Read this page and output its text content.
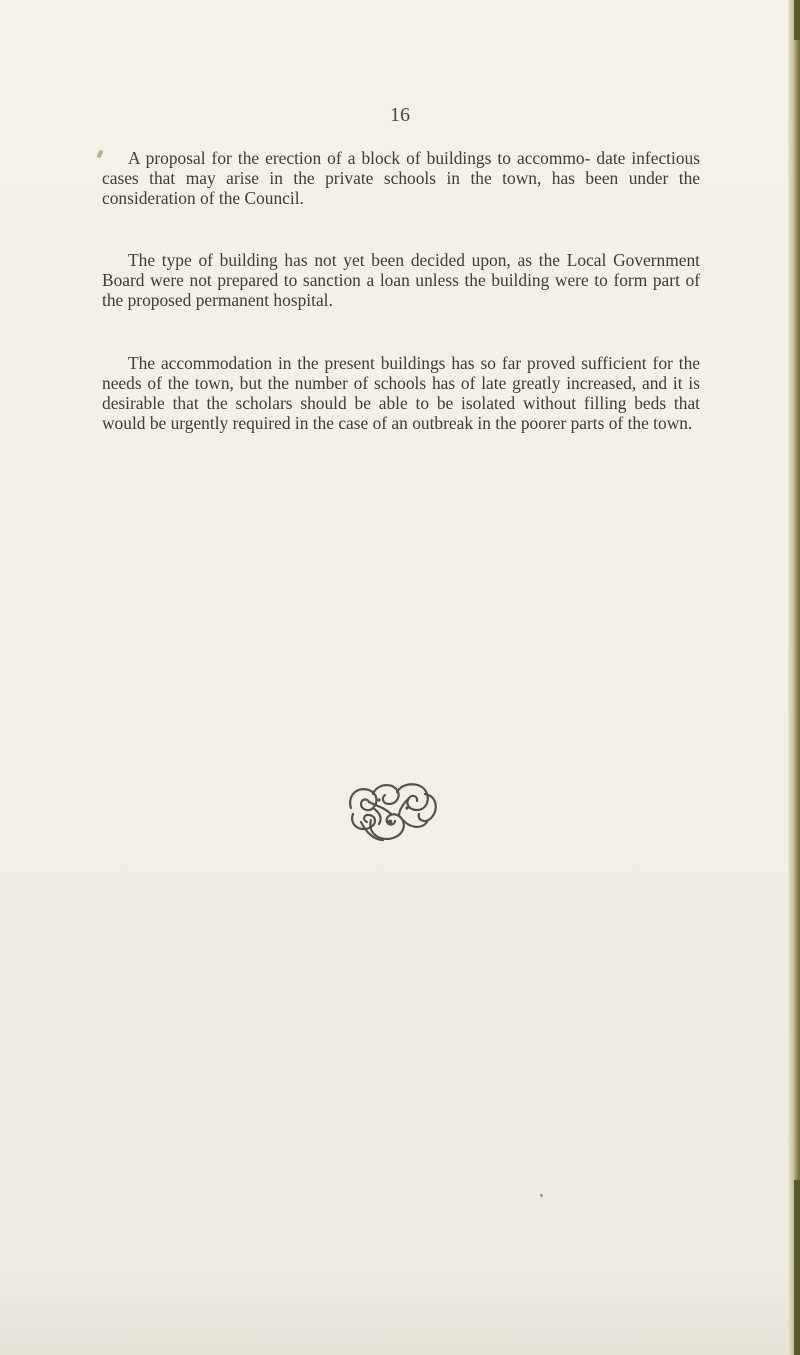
16

A proposal for the erection of a block of buildings to accommo- date infectious cases that may arise in the private schools in the town, has been under the consideration of the Council.

The type of building has not yet been decided upon, as the Local Government Board were not prepared to sanction a loan unless the building were to form part of the proposed permanent hospital.

The accommodation in the present buildings has so far proved sufficient for the needs of the town, but the number of schools has of late greatly increased, and it is desirable that the scholars should be able to be isolated without filling beds that would be urgently required in the case of an outbreak in the poorer parts of the town.
